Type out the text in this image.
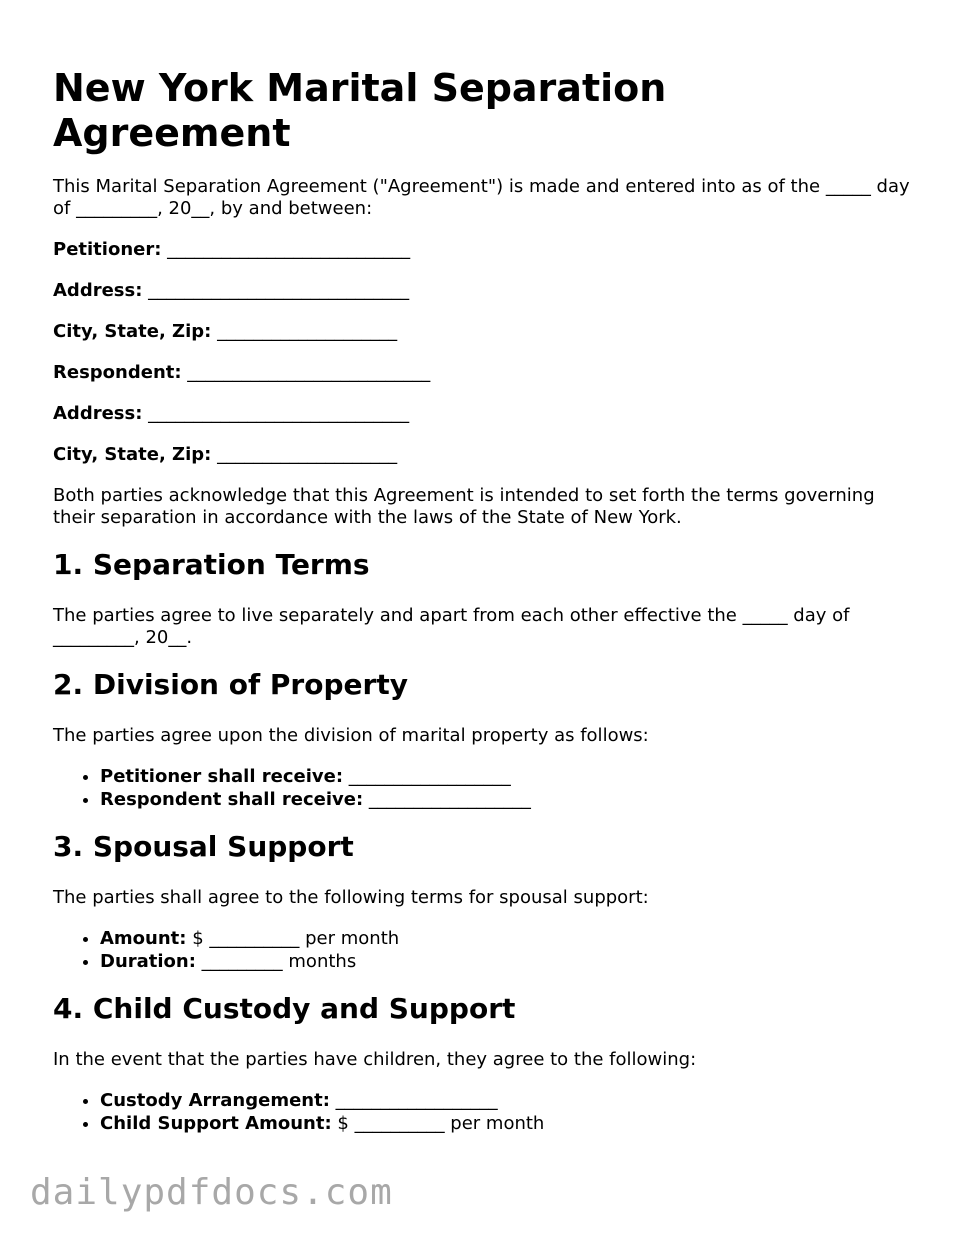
New York Marital Separation Agreement

This Marital Separation Agreement ("Agreement") is made and entered into as of the _____ day of _________, 20__, by and between:

Petitioner: ___________________________
Address: _____________________________
City, State, Zip: ____________________
Respondent: ___________________________
Address: _____________________________
City, State, Zip: ____________________

Both parties acknowledge that this Agreement is intended to set forth the terms governing their separation in accordance with the laws of the State of New York.

1. Separation Terms

The parties agree to live separately and apart from each other effective the _____ day of _________, 20__.

2. Division of Property

The parties agree upon the division of marital property as follows:

• Petitioner shall receive: __________________
• Respondent shall receive: __________________
3. Spousal Support

The parties shall agree to the following terms for spousal support:

• Amount: $ __________ per month
• Duration: _________ months
4. Child Custody and Support

In the event that the parties have children, they agree to the following:

• Custody Arrangement: __________________
• Child Support Amount: $ __________ per month
dailypdfdocs.com
